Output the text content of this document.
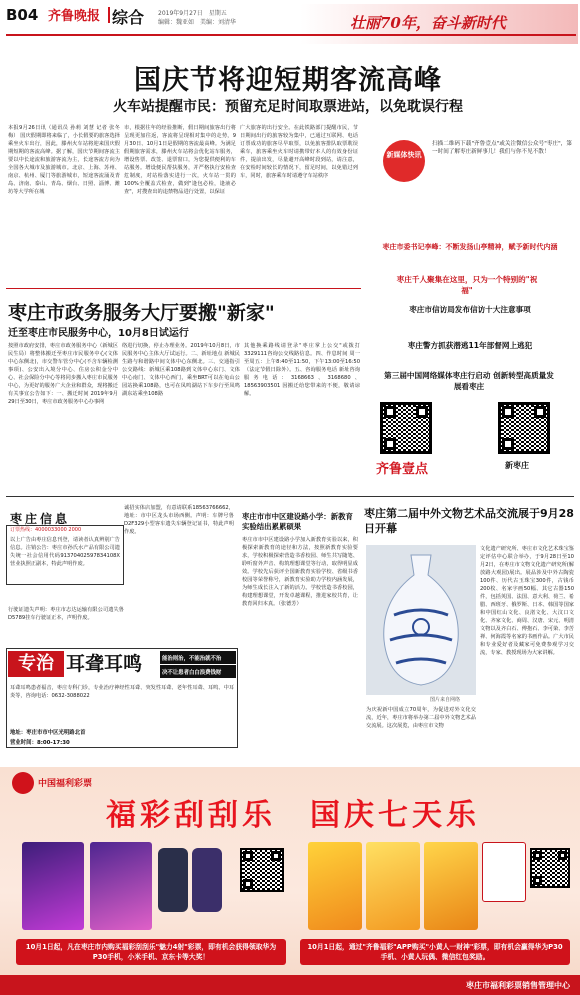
B04 齐鲁晚报 综合 2019年9月27日　星期五
编辑：魏亚如　美编：刘清华	壮丽70年，奋斗新时代
国庆节将迎短期客流高峰
火车站提醒市民：预留充足时间取票进站，以免耽误行程
本报9月26日讯（通讯员 孙莉 刘慧 记者 张冬梅） 国庆假期即将来临了，小长假要的旅客选择乘坐火车出行，因此，滕州火车站将迎来国庆假期短期的客流高峰。据了解，国庆节期间客流主要以中长途流和旅游客流为主，长途客流方向为全国各大城市及旅游城市。北京、上海、苏州、南京、杭州、厦门等旅游城市，短途客流涌及青岛、济南、泰山、青岛、烟台、日照、淄博、潍坊等大学所在城
市，根据往年的经验推断，假日期间旅客出行将呈现更加往返，客流将呈现相对集中的走势，9月30日、10月1日是假期的客流最高峰。为满足假期旅客需求，滕州火车站将会优化站车服务，增设售票、改签、退票窗口，为您提供便利的车站服务。增设便民帮扶服务，并严格执行安检查危制度，对站检落实进行一次，火车站一贯的100%全覆盖式检查，做到"逢包必检，逢液必查"，对搜查出的违禁物品进行处置，以保证
广大旅客的出行安全。在此铁路部门提醒市民，节日期间出行的旅客较为集中，已通过互联网、电话订票成功的旅客尽早取票，以免旅客排队取票耽误乘车，旅客乘坐火车时请携带好本人的有效身份证件，提前出发，尽量避开高峰时段到站，请注意，在安检时间较长的情况下，留足时间，以免错过列车，同时，旅客乘车时请遵守车站秩序
新媒体快讯
扫描二维码下载"齐鲁壹点"或关注微信公众号"枣庄"，第一时间了解枣庄新鲜事儿！我们与你不见不散！
枣庄市委书记李峰：不断发扬山亭精神，赋予新时代内涵
枣庄千人聚集在这里，只为一个特别的"祝福"
枣庄市信访局发布信访十大注意事项
枣庄警方抓获潜逃11年部督网上逃犯
第三届中国网络媒体枣庄行启动 创新转型高质量发展看枣庄
齐鲁壹点	新枣庄
枣庄市政务服务大厅要搬"新家"
迁至枣庄市民服务中心，10月8日试运行
按照市政府安排，枣庄市政务服务中心（新城区民生局）将整体搬迁至枣庄市民服务中心(文体中心东侧北)，市交警车管分中心(不含车辆检测事项)、公安出入境分中心、住房公积金分中心、社会保险分中心等将同步搬入枣庄市民服务中心，为更好的服务广大企业和群众，现将搬迁有关事宜公告如下：一、搬迁时间 2019年9月29日至30日，枣庄市政务服务中心办事网
络进行切换，停止办理业务。2019年10月8日，市民服务中心主体大厅试运行。二、新址地点 新城民生路与和谐路中间文体中心东侧北。三、交通指引 公交路线：新城区乘108路到文体中心东门、文体中心南门、文体中心西门，乘坐BRT可以在龟山公园站换乘108路，也可在凤鸣湖站下车步行至凤鸣湖东站乘坐108路
其他换乘路线请登录"枣庄掌上公交"或拨打3329111咨询公交线路信息。四、作息时间 周一至周五：上午8:40至11:50，下午13:00至16:50（法定节假日除外）。五、咨询服务电话 新址咨询服务电话：3168663、3168680、18563903501 因搬迁给您带来的不便，敬请谅解。
枣庄信息
订票热线：4000033000 2000
以上广告由枣庄信息刊登，请读者认真辨别广告信息。注销公告：枣庄市孙氏水产品有限公司遗失统一社会信用代码91370402597834108X营业执照正副本，特此声明作废。
诚招实体店加盟，有意请联系18563766662，地址：市中区龙头市场西侧。声明：车牌号鲁D2F329小型客车遗失车辆登记证书，特此声明作废。
行驶证遗失声明：枣庄市志达运输有限公司遗失鲁D5789挂车行驶证正本，声明作废。
专治 耳聋耳鸣	能治则治，不能治就不治
决不让患者白白浪费钱财
耳聋耳鸣患者福音，枣庄专科门诊，专业治疗神经性耳聋、突发性耳聋、老年性耳聋、耳鸣、中耳炎等，咨询电话：0632-3088022
地址：枣庄市市中区光明路北首
营业时间：8:00-17:30
枣庄市市中区建设路小学：新教育实验结出累累硕果
枣庄市市中区建设路小学加入新教育实验以来，积极探索新教育的途径和方法，按照新教育实验要求，学校积极探索营造书香校园、师生共写随笔、聆听窗外声音、构筑理想课堂等行动，取得明显成效。学校先后获评全国新教育实验学校、省级书香校园等荣誉称号，新教育实验助力学校内涵发展，为师生成长注入了新的活力。学校营造书香校园，构建理想课堂，开发卓越课程，推进家校共育，让教育回归本真。（张德芳）
枣庄第二届中外文物艺术品交流展于9月28日开幕
图片来自网络
为庆祝新中国成立70周年，为促进对外文化交流，近年，枣庄市将举办第二届中外文物艺术品交流展。这次展览，由枣庄市文物
文化遗产研究所、枣庄市文化艺术珠宝鉴定评估中心联合举办，于9月28日至10月2日，在枣庄市文物文化遗产研究所(解放路大观园)展出。展品涉及中外古陶瓷100件、历代古玉珠宝300件，古钱币200枚、名家字画50幅、其它古器150件，包括英国、法国、意大利、荷兰、希腊、西班牙、俄罗斯、日本、韩国等国家和中国红山文化、良渚文化、大汶口文化、齐家文化、商周、汉唐、宋元、明清文物以及齐白石、傅抱石、李可染、李苦禅、何海霞等名家的书画作品。广大市民和专业爱好者及藏家可免费参观学习交流，专家、教授现场为大家讲解。
中国福利彩票
福彩刮刮乐　国庆七天乐
10月1日起，凡在枣庄市内购买福彩刮刮乐"魅力4射"彩票，即有机会获得领取华为P30手机，小米手机、京东卡等大奖！
10月1日起，通过"齐鲁福彩"APP购买"小黄人一财神"彩票，即有机会赢得华为P30手机、小黄人玩偶、微信红包奖励。
枣庄市福利彩票销售管理中心
